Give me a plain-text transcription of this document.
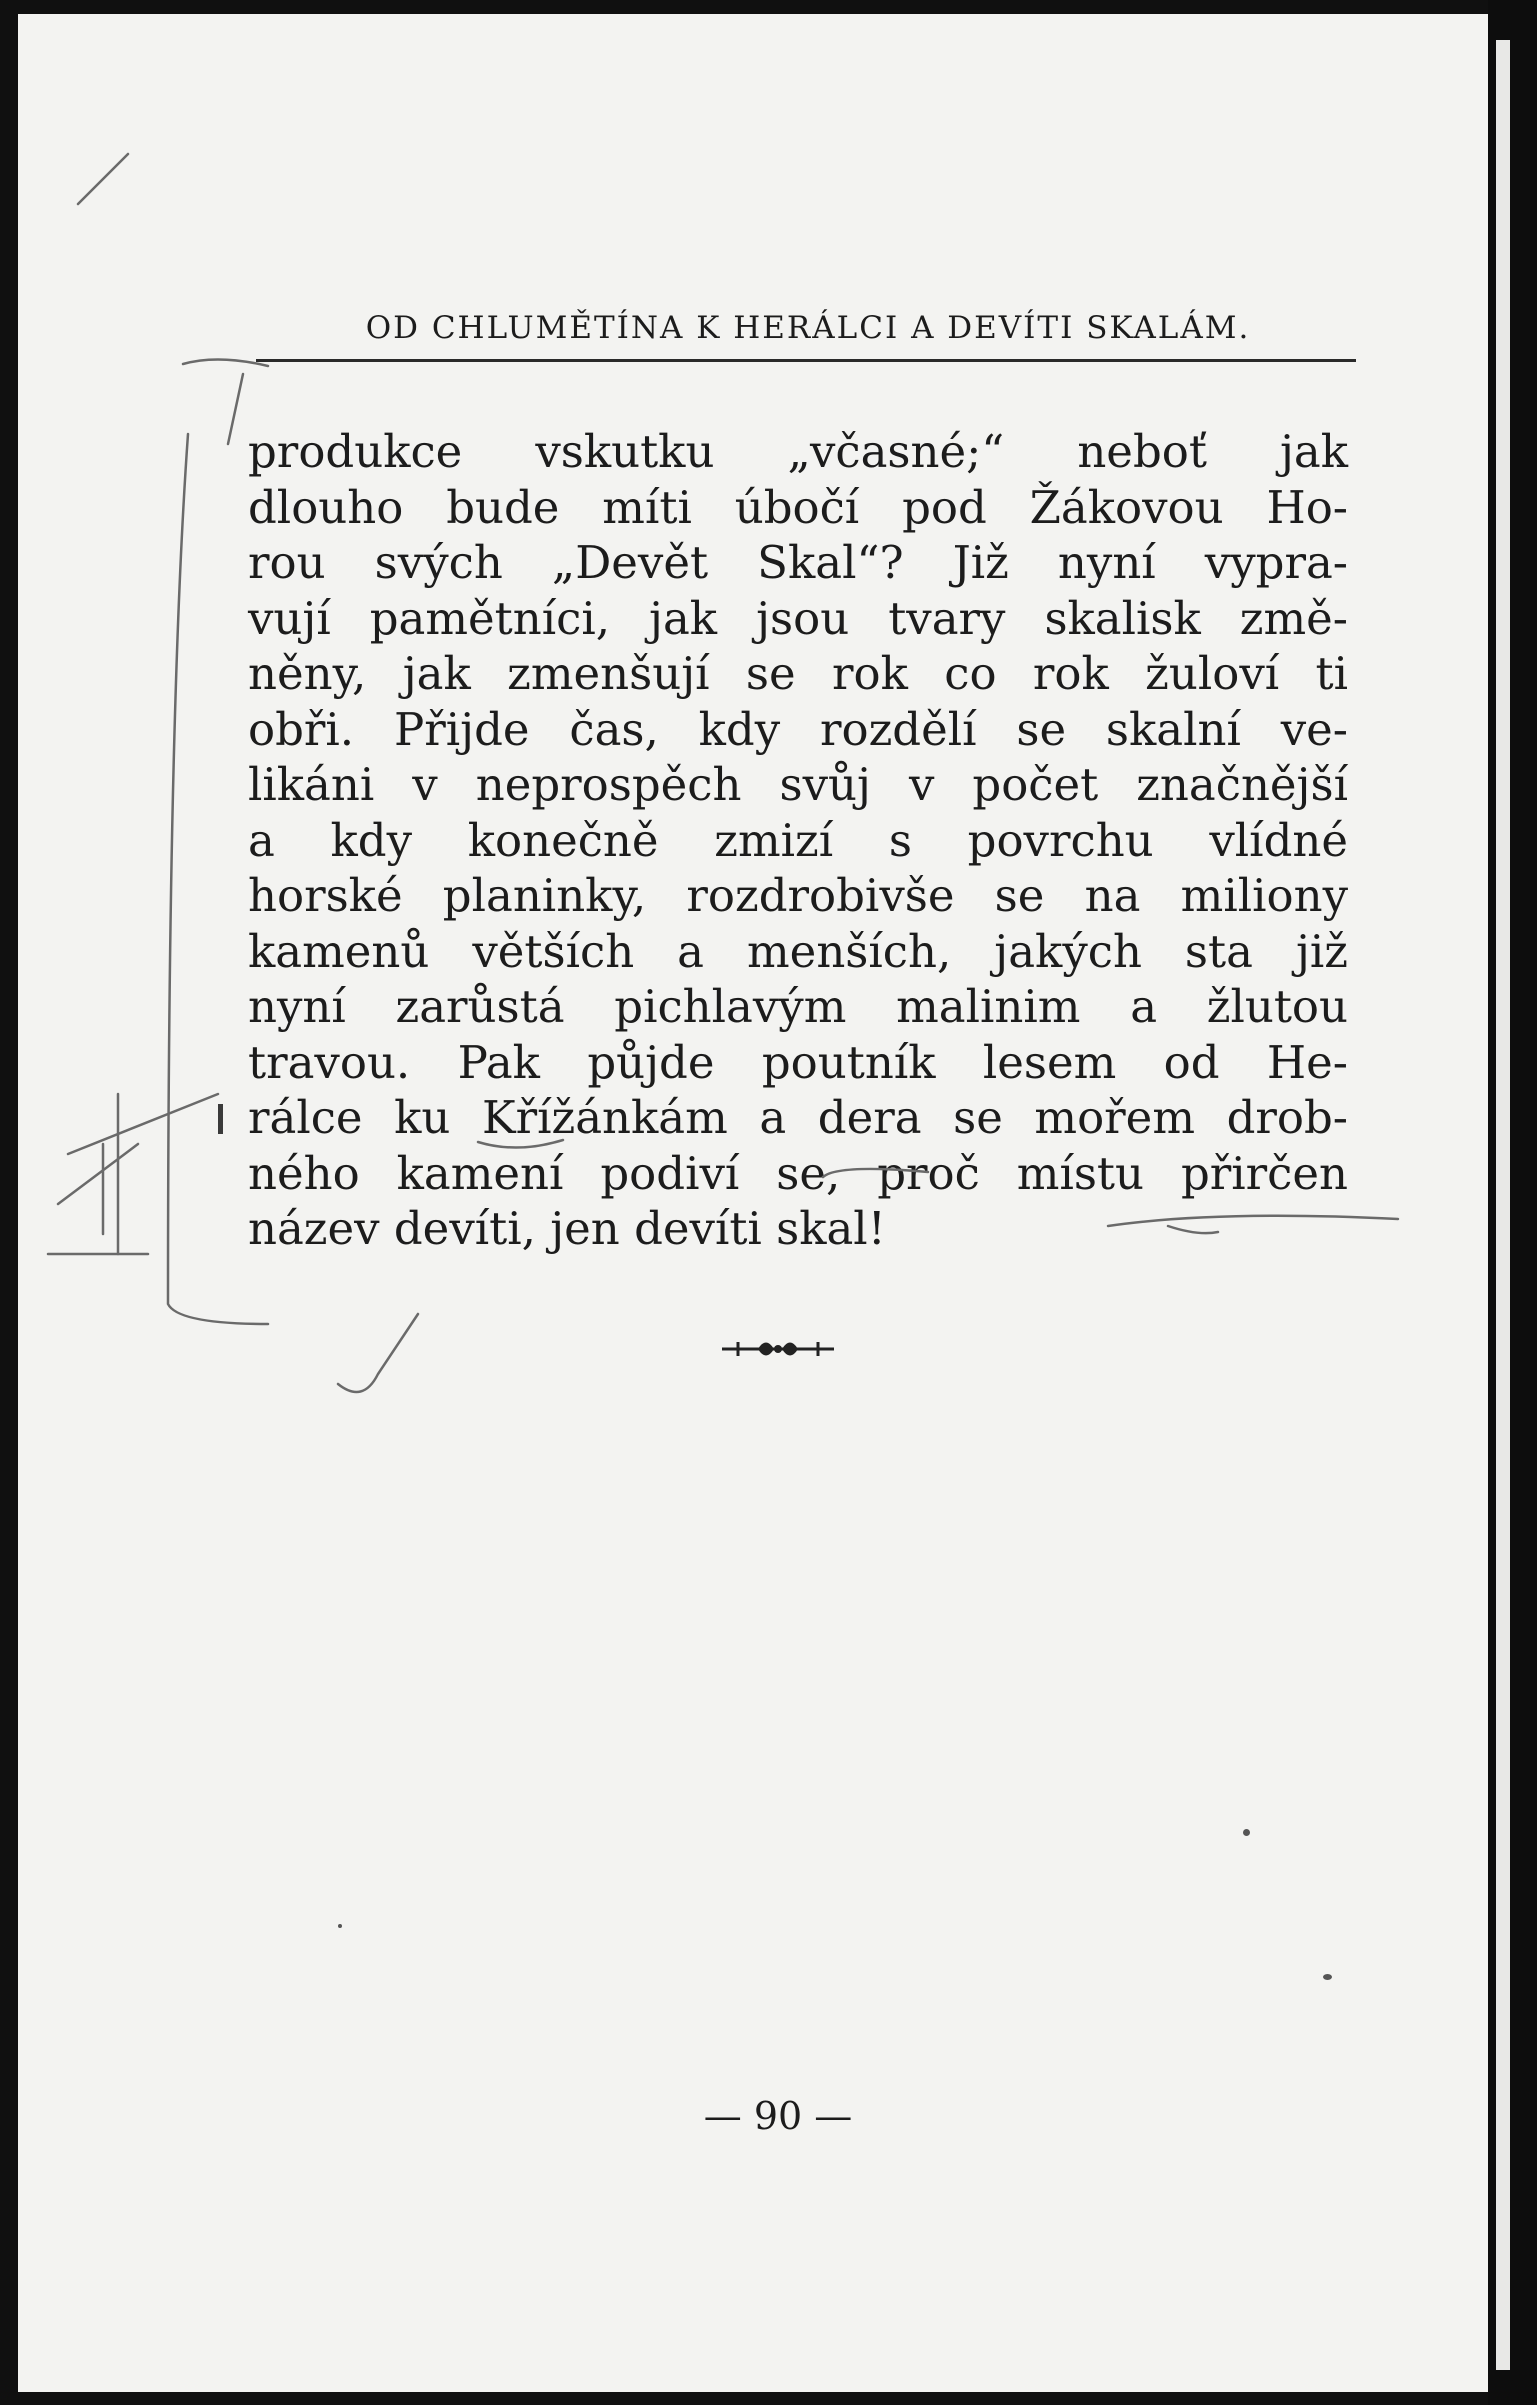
OD CHLUMĚTÍNA K HERÁLCI A DEVÍTI SKALÁM.
produkce vskutku „včasné;“ neboť jak
dlouho bude míti úbočí pod Žákovou Ho-
rou svých „Devět Skal“? Již nyní vypra-
vují pamětníci, jak jsou tvary skalisk změ-
něny, jak zmenšují se rok co rok žuloví ti
obři. Přijde čas, kdy rozdělí se skalní ve-
likáni v neprospěch svůj v počet značnější
a kdy konečně zmizí s povrchu vlídné
horské planinky, rozdrobivše se na miliony
kamenů větších a menších, jakých sta již
nyní zarůstá pichlavým malinim a žlutou
travou. Pak půjde poutník lesem od He-
rálce ku Křížánkám a dera se mořem drob-
ného kamení podiví se, proč místu přirčen
název devíti, jen devíti skal!
— 90 —
